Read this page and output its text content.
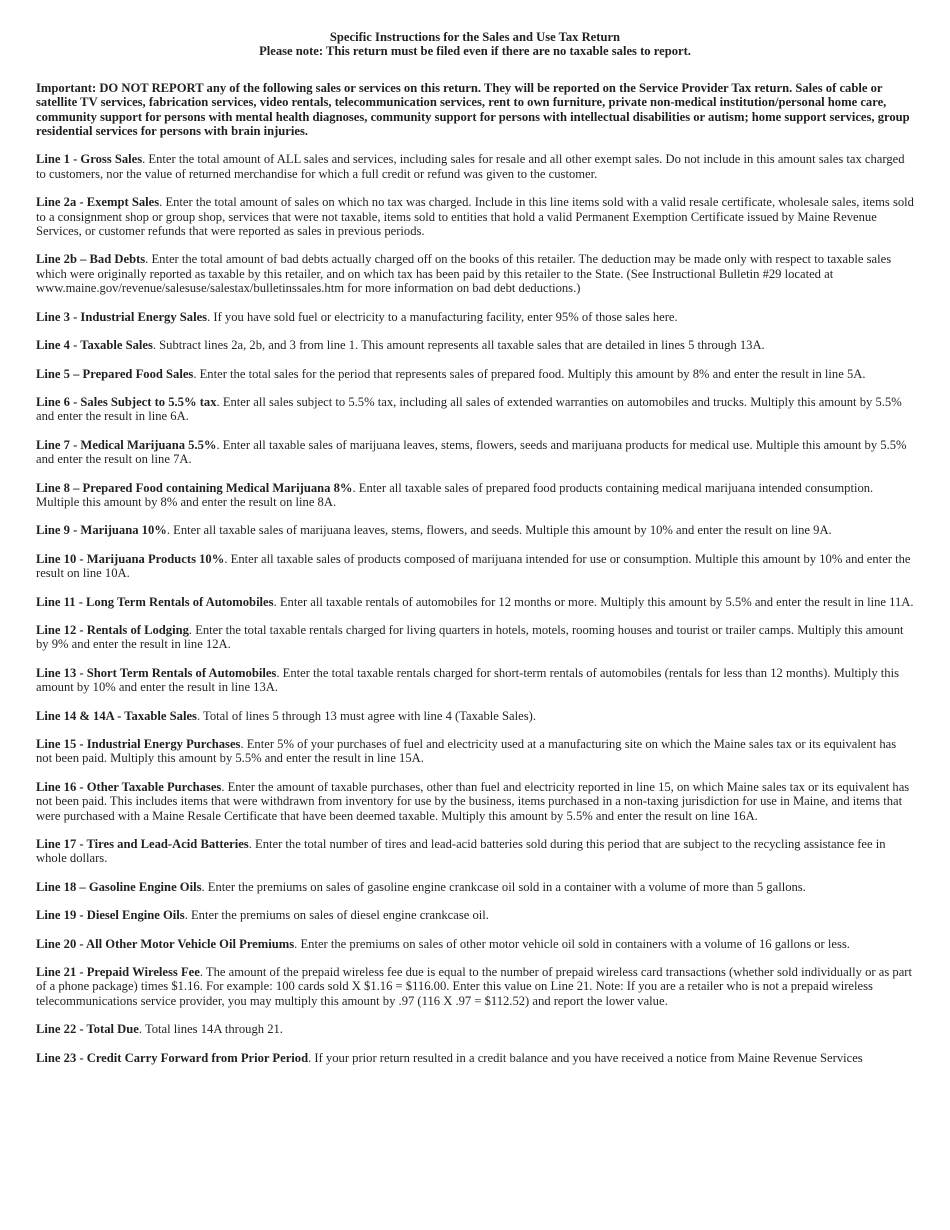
Specific Instructions for the Sales and Use Tax Return

Please note: This return must be filed even if there are no taxable sales to report.

Important: DO NOT REPORT any of the following sales or services on this return. They will be reported on the Service Provider Tax return. Sales of cable or satellite TV services, fabrication services, video rentals, telecommunication services, rent to own furniture, private non-medical institution/personal home care, community support for persons with mental health diagnoses, community support for persons with intellectual disabilities or autism; home support services, group residential services for persons with brain injuries.

Line 1 - Gross Sales. Enter the total amount of ALL sales and services, including sales for resale and all other exempt sales. Do not include in this amount sales tax charged to customers, nor the value of returned merchandise for which a full credit or refund was given to the customer.

Line 2a - Exempt Sales. Enter the total amount of sales on which no tax was charged. Include in this line items sold with a valid resale certificate, wholesale sales, items sold to a consignment shop or group shop, services that were not taxable, items sold to entities that hold a valid Permanent Exemption Certificate issued by Maine Revenue Services, or customer refunds that were reported as sales in previous periods.

Line 2b – Bad Debts. Enter the total amount of bad debts actually charged off on the books of this retailer. The deduction may be made only with respect to taxable sales which were originally reported as taxable by this retailer, and on which tax has been paid by this retailer to the State. (See Instructional Bulletin #29 located at www.maine.gov/revenue/salesuse/salestax/bulletinssales.htm for more information on bad debt deductions.)

Line 3 - Industrial Energy Sales. If you have sold fuel or electricity to a manufacturing facility, enter 95% of those sales here.

Line 4 - Taxable Sales. Subtract lines 2a, 2b, and 3 from line 1. This amount represents all taxable sales that are detailed in lines 5 through 13A.

Line 5 – Prepared Food Sales. Enter the total sales for the period that represents sales of prepared food. Multiply this amount by 8% and enter the result in line 5A.

Line 6 - Sales Subject to 5.5% tax. Enter all sales subject to 5.5% tax, including all sales of extended warranties on automobiles and trucks. Multiply this amount by 5.5% and enter the result in line 6A.

Line 7 - Medical Marijuana 5.5%. Enter all taxable sales of marijuana leaves, stems, flowers, seeds and marijuana products for medical use. Multiple this amount by 5.5% and enter the result on line 7A.

Line 8 – Prepared Food containing Medical Marijuana 8%. Enter all taxable sales of prepared food products containing medical marijuana intended consumption. Multiple this amount by 8% and enter the result on line 8A.

Line 9 - Marijuana 10%. Enter all taxable sales of marijuana leaves, stems, flowers, and seeds. Multiple this amount by 10% and enter the result on line 9A.

Line 10 - Marijuana Products 10%. Enter all taxable sales of products composed of marijuana intended for use or consumption. Multiple this amount by 10% and enter the result on line 10A.

Line 11 - Long Term Rentals of Automobiles. Enter all taxable rentals of automobiles for 12 months or more. Multiply this amount by 5.5% and enter the result in line 11A.

Line 12 - Rentals of Lodging. Enter the total taxable rentals charged for living quarters in hotels, motels, rooming houses and tourist or trailer camps. Multiply this amount by 9% and enter the result in line 12A.

Line 13 - Short Term Rentals of Automobiles. Enter the total taxable rentals charged for short-term rentals of automobiles (rentals for less than 12 months). Multiply this amount by 10% and enter the result in line 13A.

Line 14 & 14A - Taxable Sales. Total of lines 5 through 13 must agree with line 4 (Taxable Sales).

Line 15 - Industrial Energy Purchases. Enter 5% of your purchases of fuel and electricity used at a manufacturing site on which the Maine sales tax or its equivalent has not been paid. Multiply this amount by 5.5% and enter the result in line 15A.

Line 16 - Other Taxable Purchases. Enter the amount of taxable purchases, other than fuel and electricity reported in line 15, on which Maine sales tax or its equivalent has not been paid. This includes items that were withdrawn from inventory for use by the business, items purchased in a non-taxing jurisdiction for use in Maine, and items that were purchased with a Maine Resale Certificate that have been deemed taxable. Multiply this amount by 5.5% and enter the result on line 16A.

Line 17 - Tires and Lead-Acid Batteries. Enter the total number of tires and lead-acid batteries sold during this period that are subject to the recycling assistance fee in whole dollars.

Line 18 – Gasoline Engine Oils. Enter the premiums on sales of gasoline engine crankcase oil sold in a container with a volume of more than 5 gallons.

Line 19 - Diesel Engine Oils. Enter the premiums on sales of diesel engine crankcase oil.

Line 20 - All Other Motor Vehicle Oil Premiums. Enter the premiums on sales of other motor vehicle oil sold in containers with a volume of 16 gallons or less.

Line 21 - Prepaid Wireless Fee. The amount of the prepaid wireless fee due is equal to the number of prepaid wireless card transactions (whether sold individually or as part of a phone package) times $1.16. For example: 100 cards sold X $1.16 = $116.00. Enter this value on Line 21. Note: If you are a retailer who is not a prepaid wireless telecommunications service provider, you may multiply this amount by .97 (116 X .97 = $112.52) and report the lower value.

Line 22 - Total Due. Total lines 14A through 21.

Line 23 - Credit Carry Forward from Prior Period. If your prior return resulted in a credit balance and you have received a notice from Maine Revenue Services
